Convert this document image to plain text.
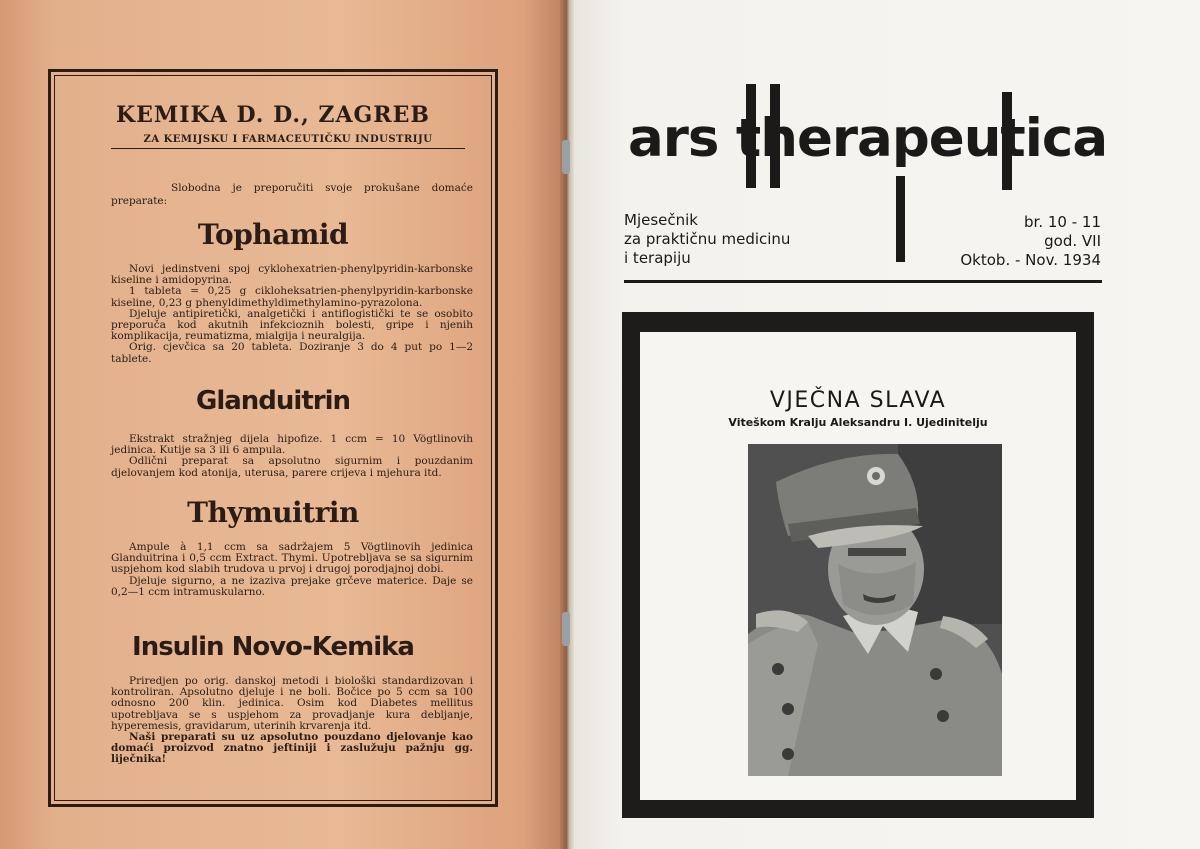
KEMIKA D. D., ZAGREB
ZA KEMIJSKU I FARMACEUTIČKU INDUSTRIJU
Slobodna je preporučiti svoje prokušane domaće preparate:
Tophamid

Novi jedinstveni spoj cyklohexatrien-phenylpyridin-karbonske kiseline i amidopyrina.

1 tableta = 0,25 g cikloheksatrien-phenylpyridin-karbonske kiseline, 0,23 g phenyldimethyldimethylamino-pyrazolona.

Djeluje antipiretički, analgetički i antiflogistički te se osobito preporuča kod akutnih infekcioznih bolesti, gripe i njenih komplikacija, reumatizma, mialgija i neuralgija.

Orig. cjevčica sa 20 tableta. Doziranje 3 do 4 put po 1—2 tablete.

Glanduitrin

Ekstrakt stražnjeg dijela hipofize. 1 ccm = 10 Vögtlinovih jedinica. Kutije sa 3 ili 6 ampula.

Odlični preparat sa apsolutno sigurnim i pouzdanim djelovanjem kod atonija, uterusa, parere crijeva i mjehura itd.

Thymuitrin

Ampule à 1,1 ccm sa sadržajem 5 Vögtlinovih jedinica Glanduitrina i 0,5 ccm Extract. Thymi. Upotrebljava se sa sigurnim uspjehom kod slabih trudova u prvoj i drugoj porodjajnoj dobi.

Djeluje sigurno, a ne izaziva prejake grčeve materice. Daje se 0,2—1 ccm intramuskularno.

Insulin Novo-Kemika

Priredjen po orig. danskoj metodi i biološki standardizovan i kontroliran. Apsolutno djeluje i ne boli. Bočice po 5 ccm sa 100 odnosno 200 klin. jedinica. Osim kod Diabetes mellitus upotrebljava se s uspjehom za provadjanje kura debljanje, hyperemesis, gravidarum, uterinih krvarenja itd.

Naši preparati su uz apsolutno pouzdano djelovanje kao domaći proizvod znatno jeftiniji i zaslužuju pažnju gg. liječnika!

ars therapeutica
Mjesečnik
za praktičnu medicinu
i terapiju
br. 10 - 11
god. VII
Oktob. - Nov. 1934
VJEČNA SLAVA
Viteškom Kralju Aleksandru I. Ujedinitelju
